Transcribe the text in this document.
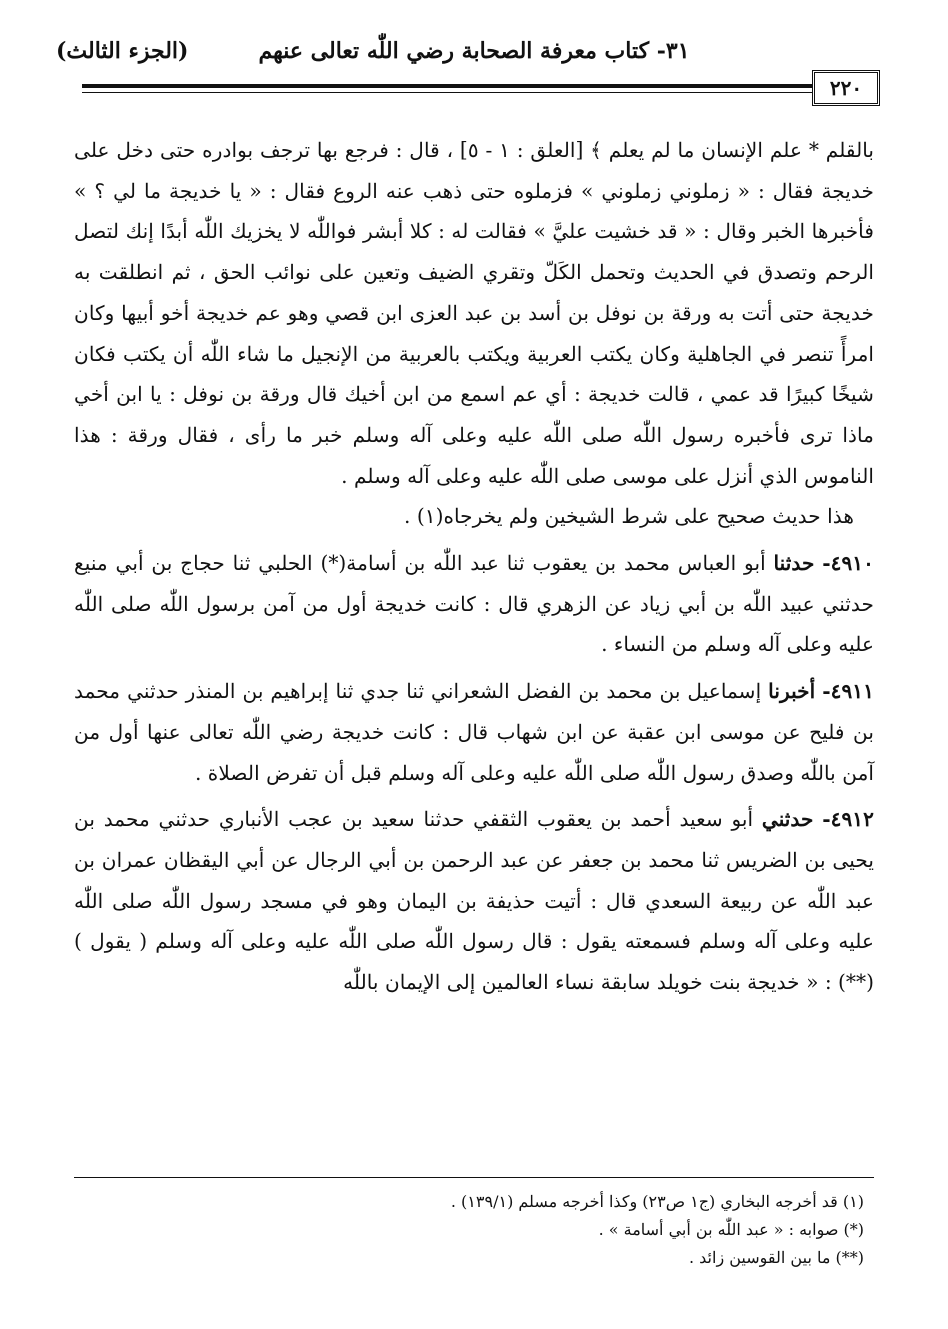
٣١- كتاب معرفة الصحابة رضي اللّٰه تعالى عنهم
(الجزء الثالث)
٢٢٠

بالقلم * علم الإنسان ما لم يعلم ﴾ [العلق : ١ - ٥] ، قال : فرجع بها ترجف بوادره حتى دخل على خديجة فقال : « زملوني زملوني » فزملوه حتى ذهب عنه الروع فقال : « يا خديجة ما لي ؟ » فأخبرها الخبر وقال : « قد خشيت عليَّ » فقالت له : كلا أبشر فواللّٰه لا يخزيك اللّٰه أبدًا إنك لتصل الرحم وتصدق في الحديث وتحمل الكَلّ وتقري الضيف وتعين على نوائب الحق ، ثم انطلقت به خديجة حتى أتت به ورقة بن نوفل بن أسد بن عبد العزى ابن قصي وهو عم خديجة أخو أبيها وكان امرأً تنصر في الجاهلية وكان يكتب العربية ويكتب بالعربية من الإنجيل ما شاء اللّٰه أن يكتب فكان شيخًا كبيرًا قد عمي ، قالت خديجة : أي عم اسمع من ابن أخيك قال ورقة بن نوفل : يا ابن أخي ماذا ترى فأخبره رسول اللّٰه صلى اللّٰه عليه وعلى آله وسلم خبر ما رأى ، فقال ورقة : هذا الناموس الذي أنزل على موسى صلى اللّٰه عليه وعلى آله وسلم .

هذا حديث صحيح على شرط الشيخين ولم يخرجاه(١) .

٤٩١٠- حدثنا أبو العباس محمد بن يعقوب ثنا عبد اللّٰه بن أسامة(*) الحلبي ثنا حجاج بن أبي منيع حدثني عبيد اللّٰه بن أبي زياد عن الزهري قال : كانت خديجة أول من آمن برسول اللّٰه صلى اللّٰه عليه وعلى آله وسلم من النساء .

٤٩١١- أخبرنا إسماعيل بن محمد بن الفضل الشعراني ثنا جدي ثنا إبراهيم بن المنذر حدثني محمد بن فليح عن موسى ابن عقبة عن ابن شهاب قال : كانت خديجة رضي اللّٰه تعالى عنها أول من آمن باللّٰه وصدق رسول اللّٰه صلى اللّٰه عليه وعلى آله وسلم قبل أن تفرض الصلاة .

٤٩١٢- حدثني أبو سعيد أحمد بن يعقوب الثقفي حدثنا سعيد بن عجب الأنباري حدثني محمد بن يحيى بن الضريس ثنا محمد بن جعفر عن عبد الرحمن بن أبي الرجال عن أبي اليقظان عمران بن عبد اللّٰه عن ربيعة السعدي قال : أتيت حذيفة بن اليمان وهو في مسجد رسول اللّٰه صلى اللّٰه عليه وعلى آله وسلم فسمعته يقول : قال رسول اللّٰه صلى اللّٰه عليه وعلى آله وسلم ( يقول )(**) : « خديجة بنت خويلد سابقة نساء العالمين إلى الإيمان باللّٰه

(١) قد أخرجه البخاري (ج١ ص٢٣) وكذا أخرجه مسلم (١٣٩/١) .
(*) صوابه : « عبد اللّٰه بن أبي أسامة » .
(**) ما بين القوسين زائد .
